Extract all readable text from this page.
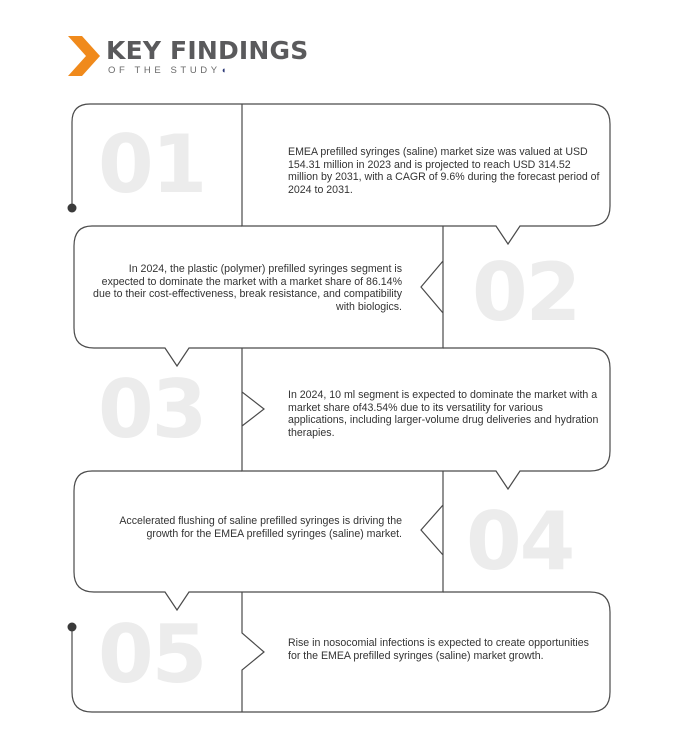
KEY FINDINGS
OF THE STUDY◖
01	EMEA prefilled syringes (saline) market size was valued at USD 154.31 million in 2023 and is projected to reach USD 314.52 million by 2031, with a CAGR of 9.6% during the forecast period of 2024 to 2031.
02
In 2024, the plastic (polymer) prefilled syringes segment is expected to dominate the market with a market share of 86.14% due to their cost-effectiveness, break resistance, and compatibility with biologics.
03	In 2024, 10 ml segment is expected to dominate the market with a market share of43.54% due to its versatility for various applications, including larger-volume drug deliveries and hydration therapies.
04
Accelerated flushing of saline prefilled syringes is driving the growth for the EMEA prefilled syringes (saline) market.
05	Rise in nosocomial infections is expected to create opportunities for the EMEA prefilled syringes (saline) market growth.
